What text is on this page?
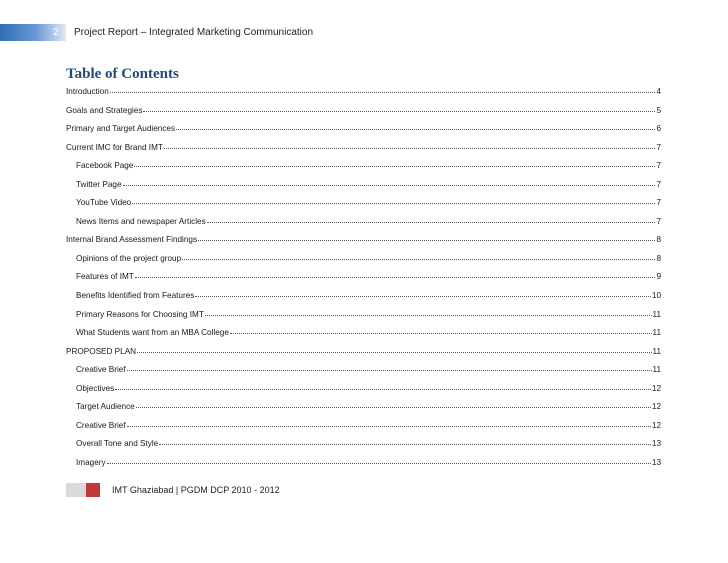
2	Project Report – Integrated Marketing Communication
Table of Contents
Introduction	4
Goals and Strategies	5
Primary and Target Audiences	6
Current IMC for Brand IMT	7
Facebook Page	7
Twitter Page	7
YouTube Video	7
News Items and newspaper Articles	7
Internal Brand Assessment Findings	8
Opinions of the project group	8
Features of IMT	9
Benefits Identified from Features	10
Primary Reasons for Choosing IMT	11
What Students want from an MBA College	11
PROPOSED PLAN	11
Creative Brief	11
Objectives	12
Target Audience	12
Creative Brief	12
Overall Tone and Style	13
Imagery	13
IMT Ghaziabad | PGDM DCP 2010 - 2012
